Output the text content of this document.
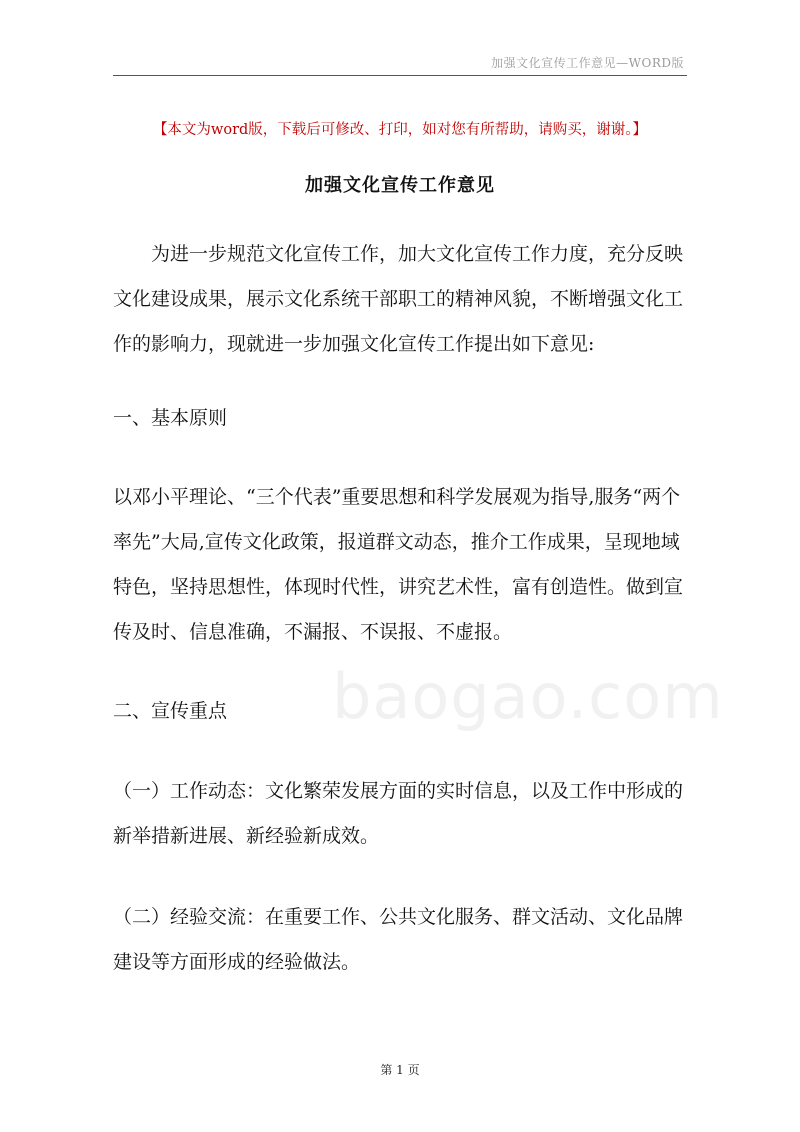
加强文化宣传工作意见—WORD版
【本文为word版，下载后可修改、打印，如对您有所帮助，请购买，谢谢。】
加强文化宣传工作意见

为进一步规范文化宣传工作，加大文化宣传工作力度，充分反映文化建设成果，展示文化系统干部职工的精神风貌，不断增强文化工作的影响力，现就进一步加强文化宣传工作提出如下意见:

一、基本原则

以邓小平理论、“三个代表”重要思想和科学发展观为指导,服务“两个率先”大局,宣传文化政策，报道群文动态，推介工作成果，呈现地域特色，坚持思想性，体现时代性，讲究艺术性，富有创造性。做到宣传及时、信息准确，不漏报、不误报、不虚报。

二、宣传重点

（一）工作动态：文化繁荣发展方面的实时信息，以及工作中形成的新举措新进展、新经验新成效。

（二）经验交流：在重要工作、公共文化服务、群文活动、文化品牌建设等方面形成的经验做法。

baogao.com
第 1 页
